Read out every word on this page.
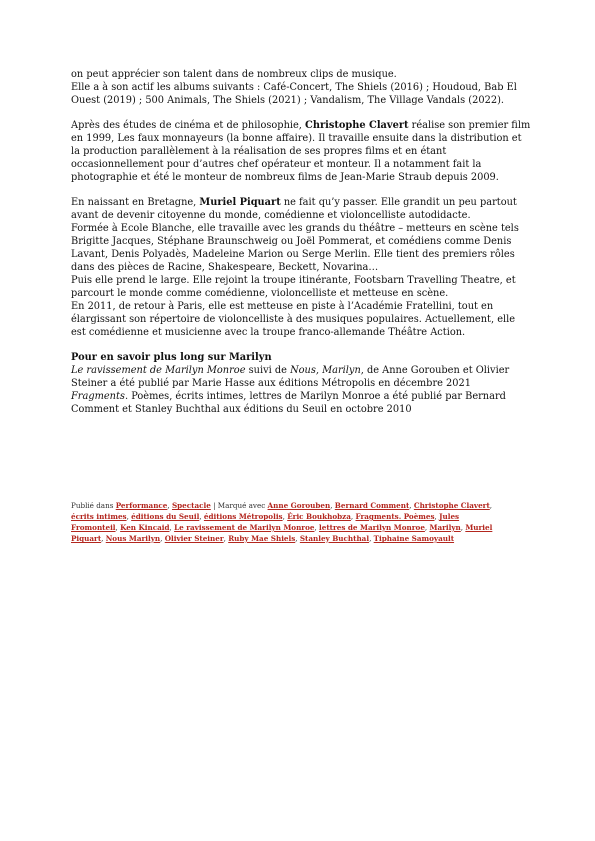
on peut apprécier son talent dans de nombreux clips de musique.

Elle a à son actif les albums suivants : Café-Concert, The Shiels (2016) ; Houdoud, Bab El Ouest (2019) ; 500 Animals, The Shiels (2021) ; Vandalism, The Village Vandals (2022).

Après des études de cinéma et de philosophie, Christophe Clavert réalise son premier film en 1999, Les faux monnayeurs (la bonne affaire). Il travaille ensuite dans la distribution et la production parallèlement à la réalisation de ses propres films et en étant occasionnellement pour d’autres chef opérateur et monteur. Il a notamment fait la photographie et été le monteur de nombreux films de Jean-Marie Straub depuis 2009.

En naissant en Bretagne, Muriel Piquart ne fait qu’y passer. Elle grandit un peu partout avant de devenir citoyenne du monde, comédienne et violoncelliste autodidacte.

Formée à Ecole Blanche, elle travaille avec les grands du théâtre – metteurs en scène tels Brigitte Jacques, Stéphane Braunschweig ou Joël Pommerat, et comédiens comme Denis Lavant, Denis Polyadès, Madeleine Marion ou Serge Merlin. Elle tient des premiers rôles dans des pièces de Racine, Shakespeare, Beckett, Novarina…

Puis elle prend le large. Elle rejoint la troupe itinérante, Footsbarn Travelling Theatre, et parcourt le monde comme comédienne, violoncelliste et metteuse en scène.

En 2011, de retour à Paris, elle est metteuse en piste à l’Académie Fratellini, tout en élargissant son répertoire de violoncelliste à des musiques populaires. Actuellement, elle est comédienne et musicienne avec la troupe franco-allemande Théâtre Action.

Pour en savoir plus long sur Marilyn

Le ravissement de Marilyn Monroe suivi de Nous, Marilyn, de Anne Gorouben et Olivier Steiner a été publié par Marie Hasse aux éditions Métropolis en décembre 2021

Fragments. Poèmes, écrits intimes, lettres de Marilyn Monroe a été publié par Bernard Comment et Stanley Buchthal aux éditions du Seuil en octobre 2010

Publié dans Performance, Spectacle | Marqué avec Anne Gorouben, Bernard Comment, Christophe Clavert, écrits intimes, éditions du Seuil, éditions Métropolis, Éric Boukhobza, Fragments. Poèmes, Jules Fromonteil, Ken Kincaid, Le ravissement de Marilyn Monroe, lettres de Marilyn Monroe, Marilyn, Muriel Piquart, Nous Marilyn, Olivier Steiner, Ruby Mae Shiels, Stanley Buchthal, Tiphaine Samoyault
